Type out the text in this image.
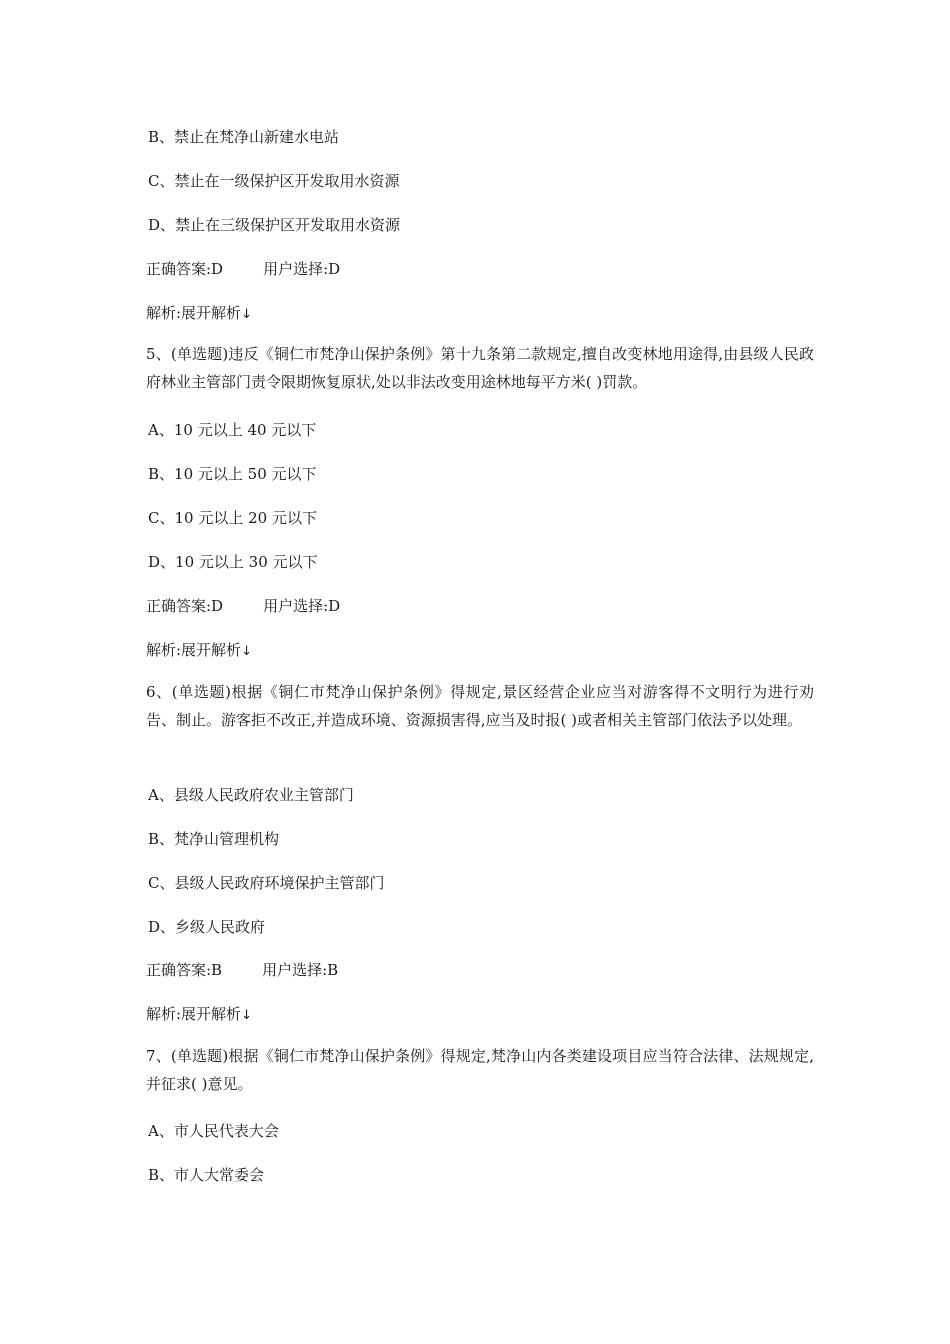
B、禁止在梵净山新建水电站
C、禁止在一级保护区开发取用水资源
D、禁止在三级保护区开发取用水资源
正确答案:D	用户选择:D
解析:展开解析↓
5、(单选题)违反《铜仁市梵净山保护条例》第十九条第二款规定,擅自改变林地用途得,由县级人民政府林业主管部门责令限期恢复原状,处以非法改变用途林地每平方米( )罚款。
A、10 元以上 40 元以下
B、10 元以上 50 元以下
C、10 元以上 20 元以下
D、10 元以上 30 元以下
正确答案:D	用户选择:D
解析:展开解析↓
6、(单选题)根据《铜仁市梵净山保护条例》得规定,景区经营企业应当对游客得不文明行为进行劝告、制止。游客拒不改正,并造成环境、资源损害得,应当及时报( )或者相关主管部门依法予以处理。
A、县级人民政府农业主管部门
B、梵净山管理机构
C、县级人民政府环境保护主管部门
D、乡级人民政府
正确答案:B	用户选择:B
解析:展开解析↓
7、(单选题)根据《铜仁市梵净山保护条例》得规定,梵净山内各类建设项目应当符合法律、法规规定,并征求( )意见。
A、市人民代表大会
B、市人大常委会
